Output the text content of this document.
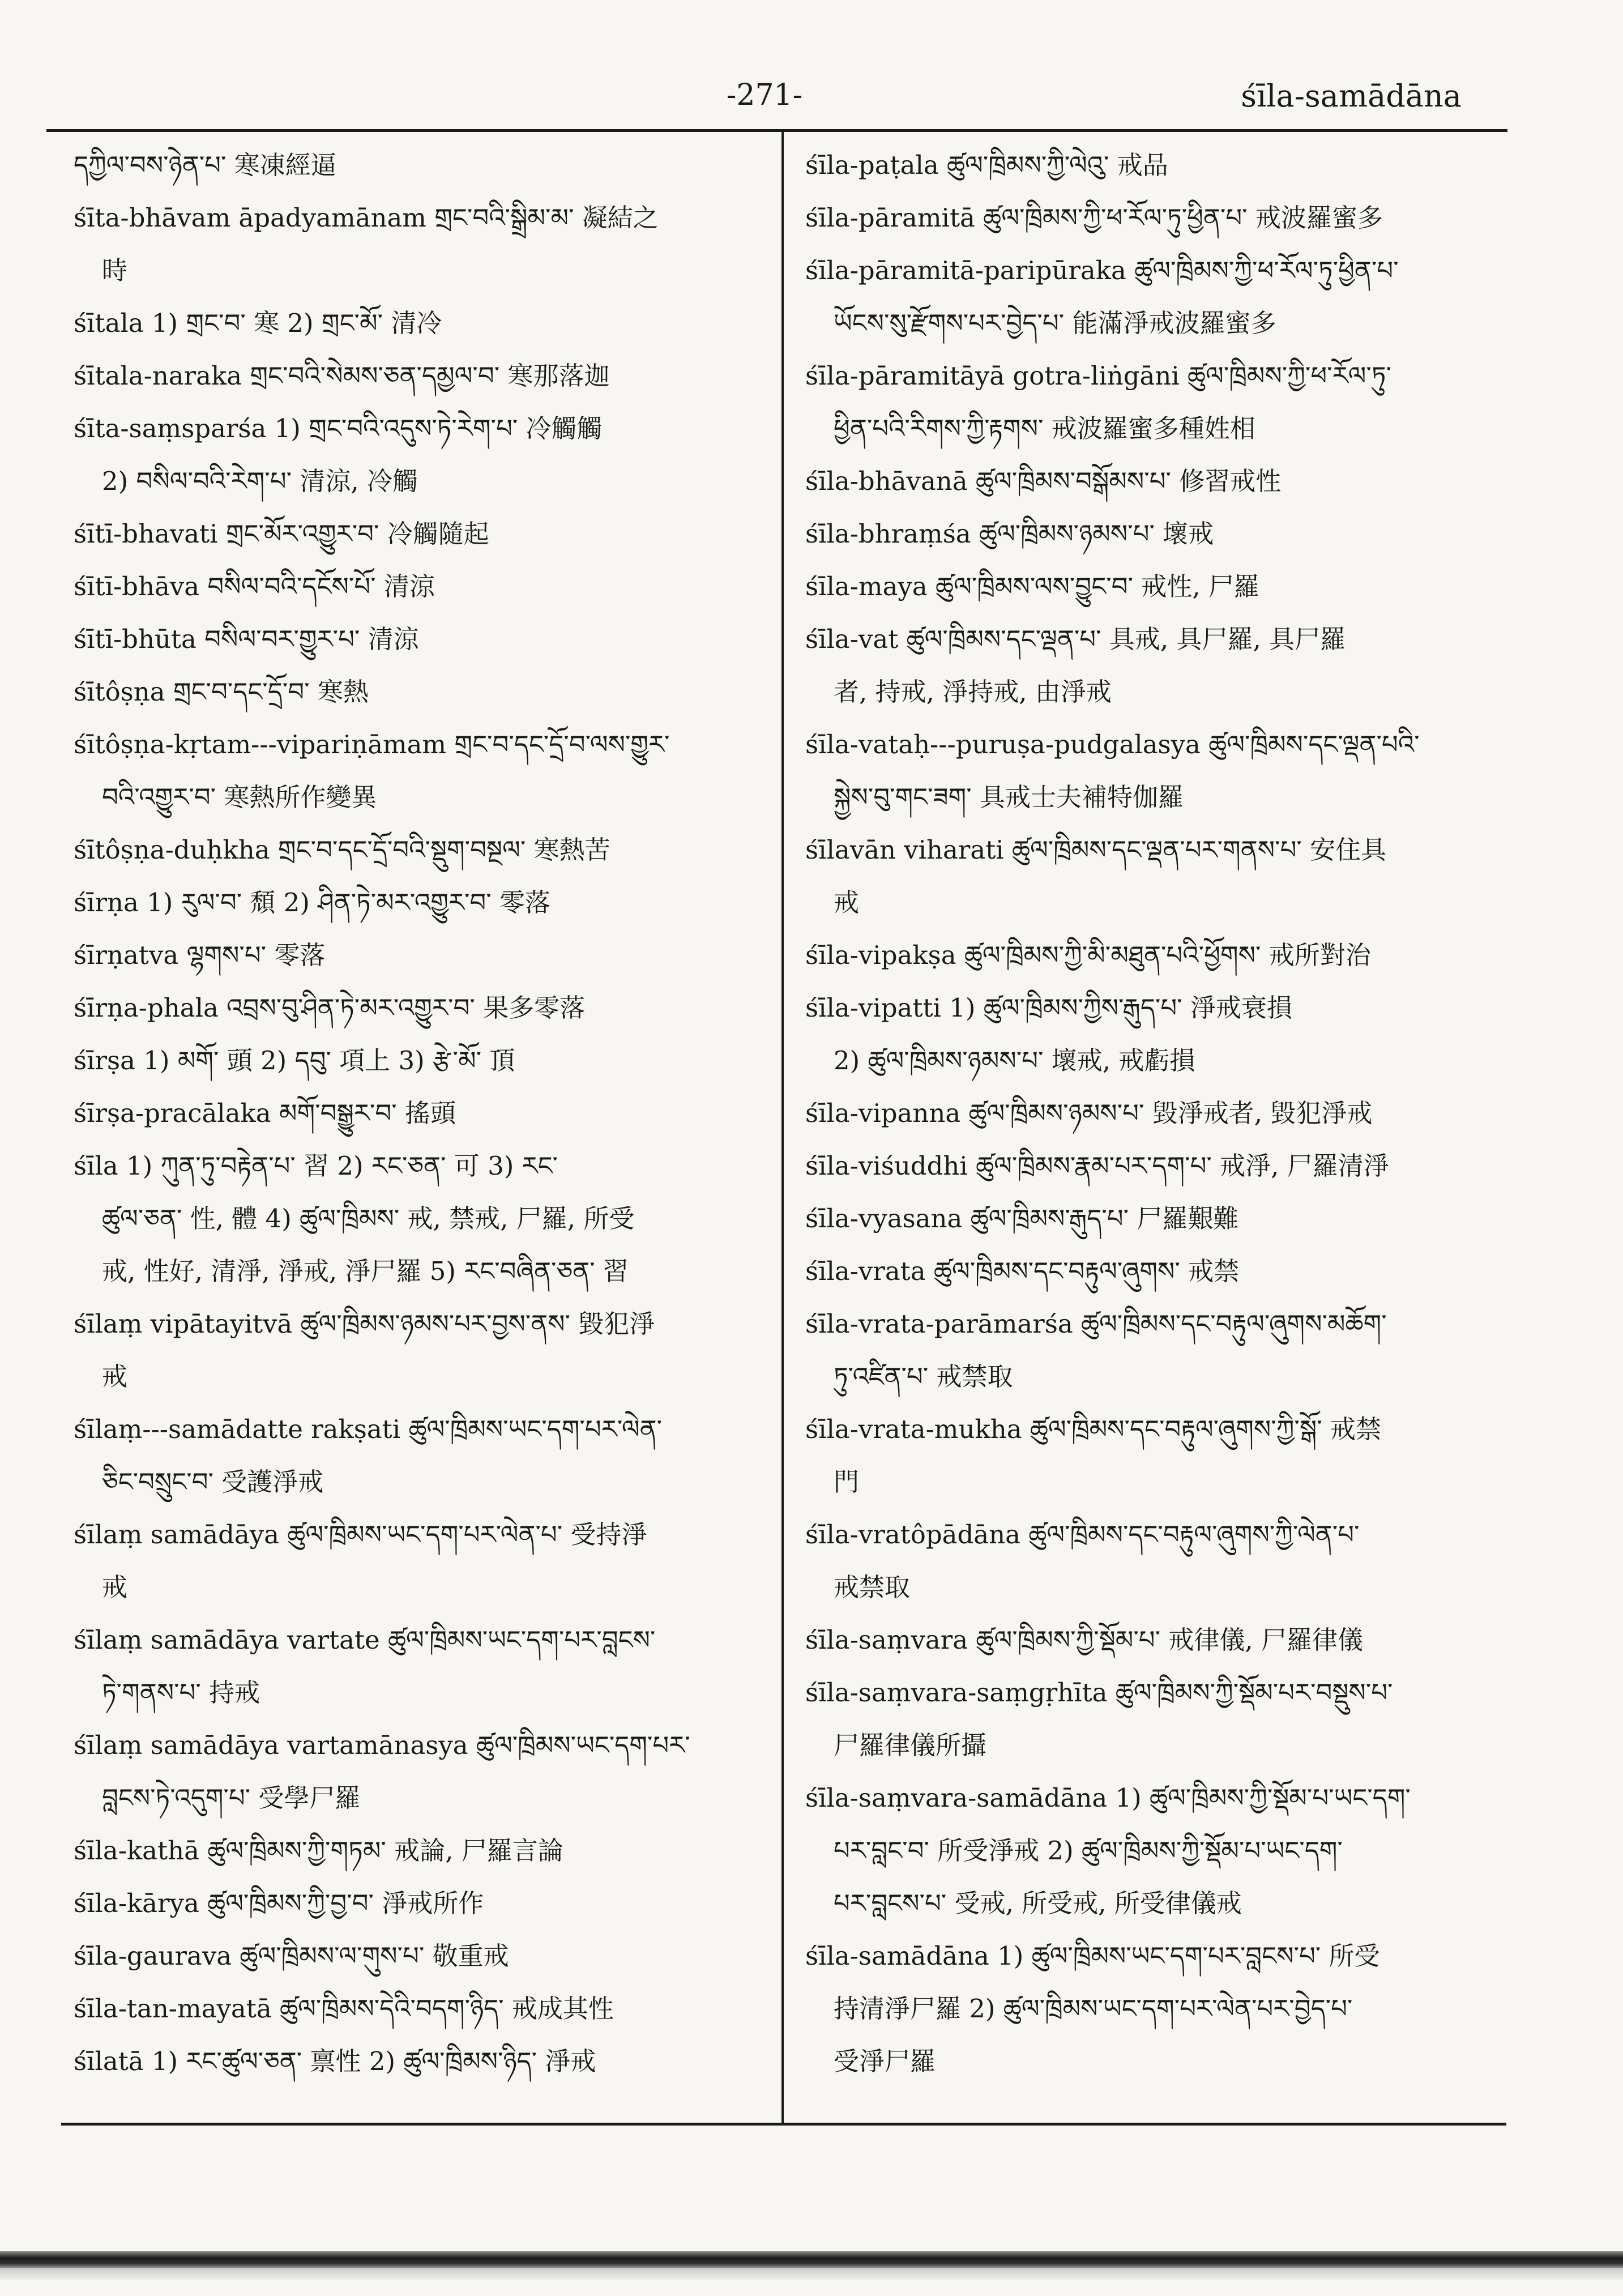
-271-	śīla-samādāna
དཀྱིལ་བས་ཉེན་པ་ 寒凍經逼
śīta-bhāvam āpadyamānam གྲང་བའི་སྒྲིམ་མ་ 凝結之
時
śītala 1) གྲང་བ་ 寒 2) གྲང་མོ་ 清冷
śītala-naraka གྲང་བའི་སེམས་ཅན་དམྱལ་བ་ 寒那落迦
śīta-saṃsparśa 1) གྲང་བའི་འདུས་ཏེ་རེག་པ་ 冷觸觸
2) བསིལ་བའི་རེག་པ་ 清涼, 冷觸
śītī-bhavati གྲང་མོར་འགྱུར་བ་ 冷觸隨起
śītī-bhāva བསིལ་བའི་དངོས་པོ་ 清涼
śītī-bhūta བསིལ་བར་གྱུར་པ་ 清涼
śītôṣṇa གྲང་བ་དང་དྲོ་བ་ 寒熱
śītôṣṇa-kṛtam---vipariṇāmam གྲང་བ་དང་དྲོ་བ་ལས་གྱུར་
བའི་འགྱུར་བ་ 寒熱所作變異
śītôṣṇa-duḥkha གྲང་བ་དང་དྲོ་བའི་སྡུག་བསྔལ་ 寒熱苦
śīrṇa 1) རུལ་བ་ 頹 2) ཤིན་ཏེ་མར་འགྱུར་བ་ 零落
śīrṇatva ལྷགས་པ་ 零落
śīrṇa-phala འབྲས་བུ་ཤིན་ཏེ་མར་འགྱུར་བ་ 果多零落
śīrṣa 1) མགོ་ 頭 2) དབུ་ 項上 3) རྩེ་མོ་ 頂
śīrṣa-pracālaka མགོ་བསྒྱུར་བ་ 搖頭
śīla 1) ཀུན་ཏུ་བརྟེན་པ་ 習 2) རང་ཅན་ 可 3) རང་
ཚུལ་ཅན་ 性, 體 4) ཚུལ་ཁྲིམས་ 戒, 禁戒, 尸羅, 所受
戒, 性好, 清淨, 淨戒, 淨尸羅 5) རང་བཞིན་ཅན་ 習
śīlaṃ vipātayitvā ཚུལ་ཁྲིམས་ཉམས་པར་བྱས་ནས་ 毀犯淨
戒
śīlaṃ---samādatte rakṣati ཚུལ་ཁྲིམས་ཡང་དག་པར་ལེན་
ཅིང་བསྲུང་བ་ 受護淨戒
śīlaṃ samādāya ཚུལ་ཁྲིམས་ཡང་དག་པར་ལེན་པ་ 受持淨
戒
śīlaṃ samādāya vartate ཚུལ་ཁྲིམས་ཡང་དག་པར་བླངས་
ཏེ་གནས་པ་ 持戒
śīlaṃ samādāya vartamānasya ཚུལ་ཁྲིམས་ཡང་དག་པར་
བླངས་ཏེ་འདུག་པ་ 受學尸羅
śīla-kathā ཚུལ་ཁྲིམས་ཀྱི་གཏམ་ 戒論, 尸羅言論
śīla-kārya ཚུལ་ཁྲིམས་ཀྱི་བྱ་བ་ 淨戒所作
śīla-gaurava ཚུལ་ཁྲིམས་ལ་གུས་པ་ 敬重戒
śīla-tan-mayatā ཚུལ་ཁྲིམས་དེའི་བདག་ཉིད་ 戒成其性
śīlatā 1) རང་ཚུལ་ཅན་ 禀性 2) ཚུལ་ཁྲིམས་ཉིད་ 淨戒
śīla-paṭala ཚུལ་ཁྲིམས་ཀྱི་ལེའུ་ 戒品
śīla-pāramitā ཚུལ་ཁྲིམས་ཀྱི་ཕ་རོལ་ཏུ་ཕྱིན་པ་ 戒波羅蜜多
śīla-pāramitā-paripūraka ཚུལ་ཁྲིམས་ཀྱི་ཕ་རོལ་ཏུ་ཕྱིན་པ་
ཡོངས་སུ་རྫོགས་པར་བྱེད་པ་ 能滿淨戒波羅蜜多
śīla-pāramitāyā gotra-liṅgāni ཚུལ་ཁྲིམས་ཀྱི་ཕ་རོལ་ཏུ་
ཕྱིན་པའི་རིགས་ཀྱི་རྟགས་ 戒波羅蜜多種姓相
śīla-bhāvanā ཚུལ་ཁྲིམས་བསྒོམས་པ་ 修習戒性
śīla-bhraṃśa ཚུལ་ཁྲིམས་ཉམས་པ་ 壞戒
śīla-maya ཚུལ་ཁྲིམས་ལས་བྱུང་བ་ 戒性, 尸羅
śīla-vat ཚུལ་ཁྲིམས་དང་ལྡན་པ་ 具戒, 具尸羅, 具尸羅
者, 持戒, 淨持戒, 由淨戒
śīla-vataḥ---puruṣa-pudgalasya ཚུལ་ཁྲིམས་དང་ལྡན་པའི་
སྐྱེས་བུ་གང་ཟག་ 具戒士夫補特伽羅
śīlavān viharati ཚུལ་ཁྲིམས་དང་ལྡན་པར་གནས་པ་ 安住具
戒
śīla-vipakṣa ཚུལ་ཁྲིམས་ཀྱི་མི་མཐུན་པའི་ཕྱོགས་ 戒所對治
śīla-vipatti 1) ཚུལ་ཁྲིམས་ཀྱིས་རྒུད་པ་ 淨戒衰損
2) ཚུལ་ཁྲིམས་ཉམས་པ་ 壞戒, 戒虧損
śīla-vipanna ཚུལ་ཁྲིམས་ཉམས་པ་ 毀淨戒者, 毀犯淨戒
śīla-viśuddhi ཚུལ་ཁྲིམས་རྣམ་པར་དག་པ་ 戒淨, 尸羅清淨
śīla-vyasana ཚུལ་ཁྲིམས་རྒུད་པ་ 尸羅艱難
śīla-vrata ཚུལ་ཁྲིམས་དང་བརྟུལ་ཞུགས་ 戒禁
śīla-vrata-parāmarśa ཚུལ་ཁྲིམས་དང་བརྟུལ་ཞུགས་མཆོག་
ཏུ་འཛིན་པ་ 戒禁取
śīla-vrata-mukha ཚུལ་ཁྲིམས་དང་བརྟུལ་ཞུགས་ཀྱི་སྒོ་ 戒禁
門
śīla-vratôpādāna ཚུལ་ཁྲིམས་དང་བརྟུལ་ཞུགས་ཀྱི་ལེན་པ་
戒禁取
śīla-saṃvara ཚུལ་ཁྲིམས་ཀྱི་སྡོམ་པ་ 戒律儀, 尸羅律儀
śīla-saṃvara-saṃgṛhīta ཚུལ་ཁྲིམས་ཀྱི་སྡོམ་པར་བསྡུས་པ་
尸羅律儀所攝
śīla-saṃvara-samādāna 1) ཚུལ་ཁྲིམས་ཀྱི་སྡོམ་པ་ཡང་དག་
པར་བླང་བ་ 所受淨戒 2) ཚུལ་ཁྲིམས་ཀྱི་སྡོམ་པ་ཡང་དག་
པར་བླངས་པ་ 受戒, 所受戒, 所受律儀戒
śīla-samādāna 1) ཚུལ་ཁྲིམས་ཡང་དག་པར་བླངས་པ་ 所受
持清淨尸羅 2) ཚུལ་ཁྲིམས་ཡང་དག་པར་ལེན་པར་བྱེད་པ་
受淨尸羅
